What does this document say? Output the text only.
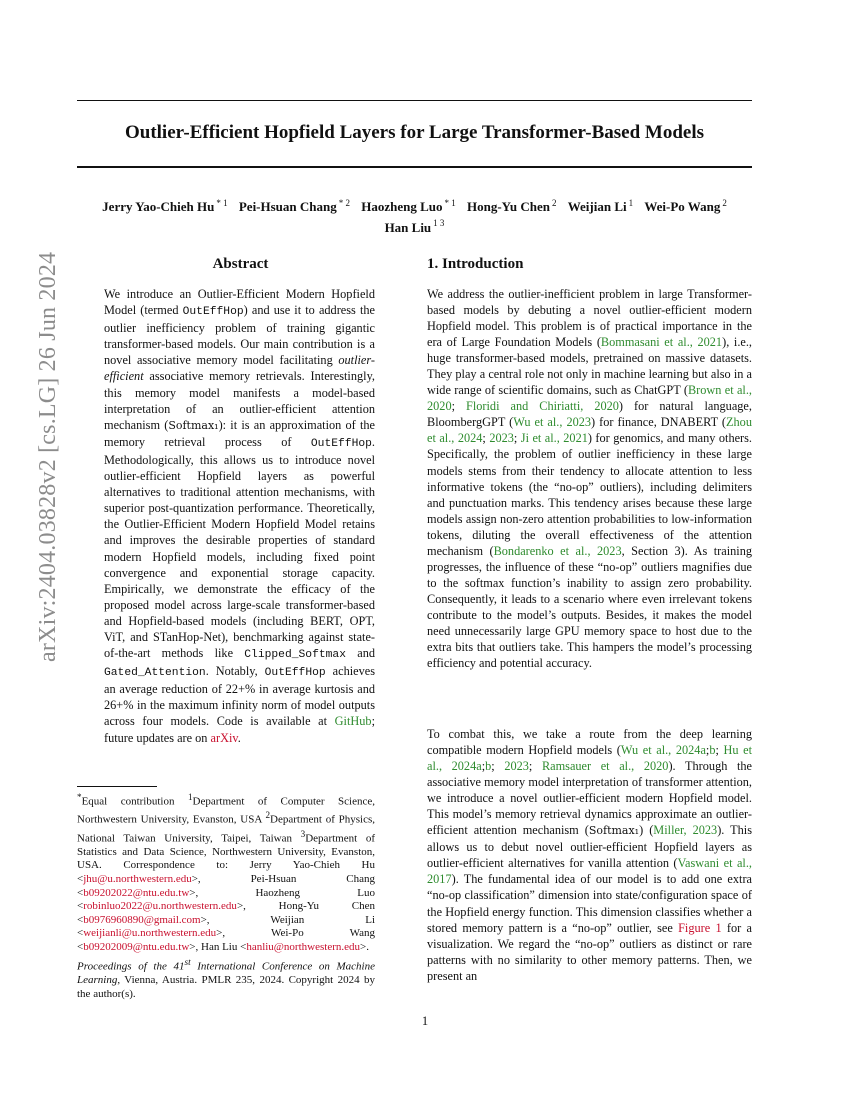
arXiv:2404.03828v2 [cs.LG] 26 Jun 2024
Outlier-Efficient Hopfield Layers for Large Transformer-Based Models
Jerry Yao-Chieh Hu $^{* 1}$ Pei-Hsuan Chang $^{* 2}$ Haozheng Luo $^{* 1}$ Hong-Yu Chen $^2$ Weijian Li $^1$ Wei-Po Wang $^2$
Han Liu $^{1 3}$
Abstract
We introduce an Outlier-Efficient Modern Hopfield Model (termed OutEffHop) and use it to address the outlier inefficiency problem of training gigantic transformer-based models. Our main contribution is a novel associative memory model facilitating outlier-efficient associative memory retrievals. Interestingly, this memory model manifests a model-based interpretation of an outlier-efficient attention mechanism (Softmax₁): it is an approximation of the memory retrieval process of OutEffHop. Methodologically, this allows us to introduce novel outlier-efficient Hopfield layers as powerful alternatives to traditional attention mechanisms, with superior post-quantization performance. Theoretically, the Outlier-Efficient Modern Hopfield Model retains and improves the desirable properties of standard modern Hopfield models, including fixed point convergence and exponential storage capacity. Empirically, we demonstrate the efficacy of the proposed model across large-scale transformer-based and Hopfield-based models (including BERT, OPT, ViT, and STanHop-Net), benchmarking against state-of-the-art methods like Clipped_Softmax and Gated_Attention. Notably, OutEffHop achieves an average reduction of 22+% in average kurtosis and 26+% in the maximum infinity norm of model outputs across four models. Code is available at GitHub; future updates are on arXiv.
*Equal contribution $^1$Department of Computer Science, Northwestern University, Evanston, USA $^2$Department of Physics, National Taiwan University, Taipei, Taiwan $^3$Department of Statistics and Data Science, Northwestern University, Evanston, USA. Correspondence to: Jerry Yao-Chieh Hu <jhu@u.northwestern.edu>, Pei-Hsuan Chang <b09202022@ntu.edu.tw>, Haozheng Luo <robinluo2022@u.northwestern.edu>, Hong-Yu Chen <b0976960890@gmail.com>, Weijian Li <weijianli@u.northwestern.edu>, Wei-Po Wang <b09202009@ntu.edu.tw>, Han Liu <hanliu@northwestern.edu>.
Proceedings of the 41st International Conference on Machine Learning, Vienna, Austria. PMLR 235, 2024. Copyright 2024 by the author(s).
1. Introduction
We address the outlier-inefficient problem in large Transformer-based models by debuting a novel outlier-efficient modern Hopfield model. This problem is of practical importance in the era of Large Foundation Models (Bommasani et al., 2021), i.e., huge transformer-based models, pretrained on massive datasets. They play a central role not only in machine learning but also in a wide range of scientific domains, such as ChatGPT (Brown et al., 2020; Floridi and Chiriatti, 2020) for natural language, BloombergGPT (Wu et al., 2023) for finance, DNABERT (Zhou et al., 2024; 2023; Ji et al., 2021) for genomics, and many others. Specifically, the problem of outlier inefficiency in these large models stems from their tendency to allocate attention to less informative tokens (the “no-op” outliers), including delimiters and punctuation marks. This tendency arises because these large models assign non-zero attention probabilities to low-information tokens, diluting the overall effectiveness of the attention mechanism (Bondarenko et al., 2023, Section 3). As training progresses, the influence of these “no-op” outliers magnifies due to the softmax function’s inability to assign zero probability. Consequently, it leads to a scenario where even irrelevant tokens contribute to the model’s outputs. Besides, it makes the model need unnecessarily large GPU memory space to host due to the extra bits that outliers take. This hampers the model’s processing efficiency and potential accuracy.
To combat this, we take a route from the deep learning compatible modern Hopfield models (Wu et al., 2024a;b; Hu et al., 2024a;b; 2023; Ramsauer et al., 2020). Through the associative memory model interpretation of transformer attention, we introduce a novel outlier-efficient modern Hopfield model. This model’s memory retrieval dynamics approximate an outlier-efficient attention mechanism (Softmax₁) (Miller, 2023). This allows us to debut novel outlier-efficient Hopfield layers as outlier-efficient alternatives for vanilla attention (Vaswani et al., 2017). The fundamental idea of our model is to add one extra “no-op classification” dimension into state/configuration space of the Hopfield energy function. This dimension classifies whether a stored memory pattern is a “no-op” outlier, see Figure 1 for a visualization. We regard the “no-op” outliers as distinct or rare patterns with no similarity to other memory patterns. Then, we present an
1
